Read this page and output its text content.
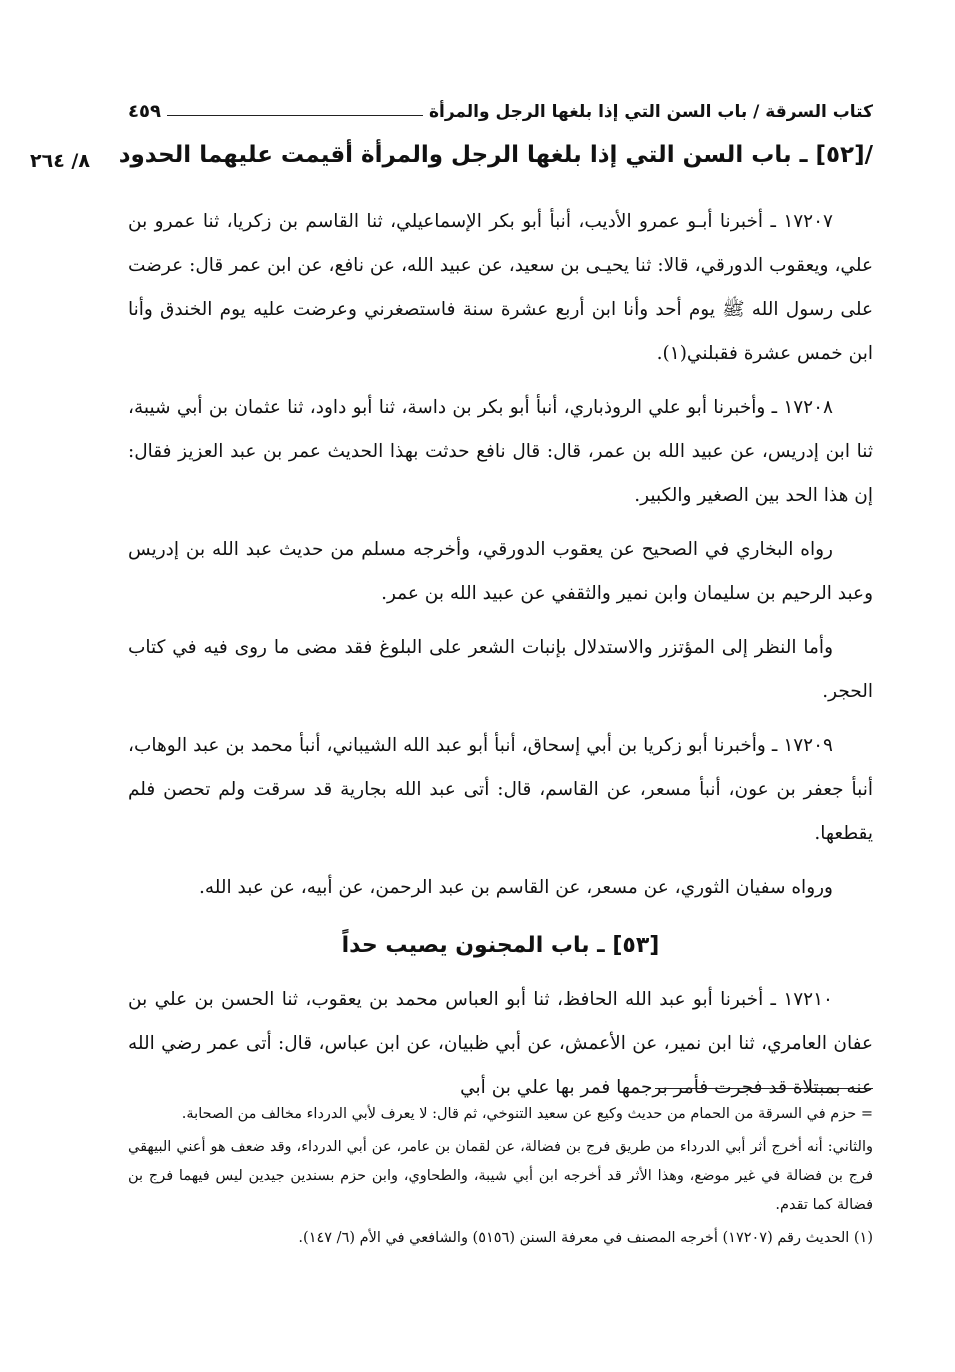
كتاب السرقة / باب السن التي إذا بلغها الرجل والمرأة
٤٥٩
/[٥٢] ـ باب السن التي إذا بلغها الرجل والمرأة أقيمت عليهما الحدود
٨/ ٢٦٤

١٧٢٠٧ ـ أخبرنا أبـو عمرو الأديب، أنبأ أبو بكر الإسماعيلي، ثنا القاسم بن زكريا، ثنا عمرو بن علي، ويعقوب الدورقي، قالا: ثنا يحيـى بن سعيد، عن عبيد الله، عن نافع، عن ابن عمر قال: عرضت على رسول الله ﷺ يوم أحد وأنا ابن أربع عشرة سنة فاستصغرني وعرضت عليه يوم الخندق وأنا ابن خمس عشرة فقبلني(١).

١٧٢٠٨ ـ وأخبرنا أبو علي الروذباري، أنبأ أبو بكر بن داسة، ثنا أبو داود، ثنا عثمان بن أبي شيبة، ثنا ابن إدريس، عن عبيد الله بن عمر، قال: قال نافع حدثت بهذا الحديث عمر بن عبد العزيز فقال: إن هذا الحد بين الصغير والكبير.

رواه البخاري في الصحيح عن يعقوب الدورقي، وأخرجه مسلم من حديث عبد الله بن إدريس وعبد الرحيم بن سليمان وابن نمير والثقفي عن عبيد الله بن عمر.

وأما النظر إلى المؤتزر والاستدلال بإنبات الشعر على البلوغ فقد مضى ما روى فيه في كتاب الحجر.

١٧٢٠٩ ـ وأخبرنا أبو زكريا بن أبي إسحاق، أنبأ أبو عبد الله الشيباني، أنبأ محمد بن عبد الوهاب، أنبأ جعفر بن عون، أنبأ مسعر، عن القاسم، قال: أتى عبد الله بجارية قد سرقت ولم تحصن فلم يقطعها.

ورواه سفيان الثوري، عن مسعر، عن القاسم بن عبد الرحمن، عن أبيه، عن عبد الله.

[٥٣] ـ باب المجنون يصيب حداً

١٧٢١٠ ـ أخبرنا أبو عبد الله الحافظ، ثنا أبو العباس محمد بن يعقوب، ثنا الحسن بن علي بن عفان العامري، ثنا ابن نمير، عن الأعمش، عن أبي ظبيان، عن ابن عباس، قال: أتى عمر رضي الله عنه بمبتلاة قد فجرت فأمر برجمها فمر بها علي بن أبي

= حزم في السرقة من الحمام من حديث وكيع عن سعيد التنوخي، ثم قال: لا يعرف لأبي الدرداء مخالف من الصحابة.

والثاني: أنه أخرج أثر أبي الدرداء من طريق فرج بن فضالة، عن لقمان بن عامر، عن أبي الدرداء، وقد ضعف هو أعني البيهقي فرج بن فضالة في غير موضع، وهذا الأثر قد أخرجه ابن أبي شيبة، والطحاوي، وابن حزم بسندين جيدين ليس فيهما فرج بن فضالة كما تقدم.

(١) الحديث رقم (١٧٢٠٧) أخرجه المصنف في معرفة السنن (٥١٥٦) والشافعي في الأم (٦/ ١٤٧).
